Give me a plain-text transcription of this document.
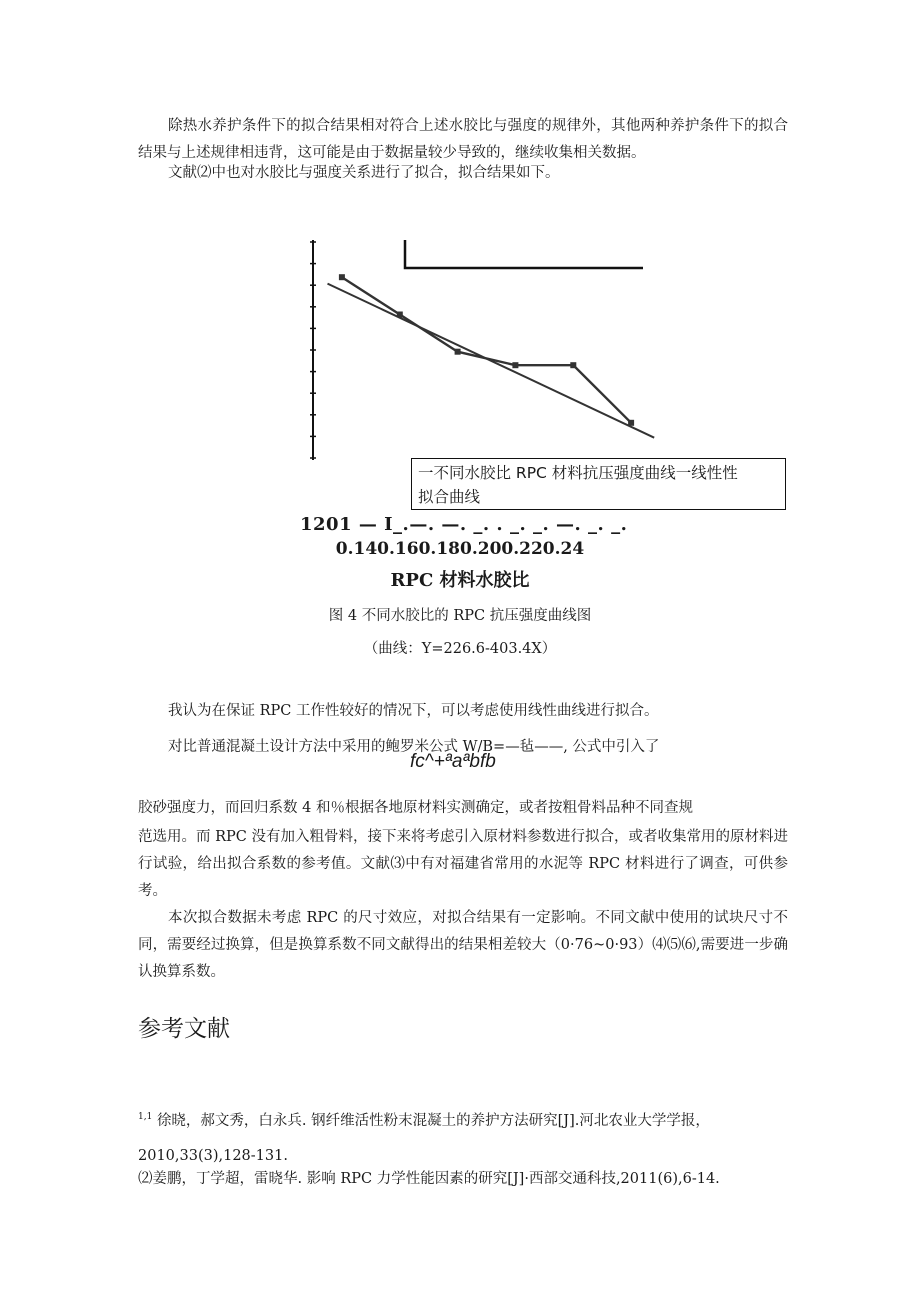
除热水养护条件下的拟合结果相对符合上述水胶比与强度的规律外，其他两种养护条件下的拟合结果与上述规律相违背，这可能是由于数据量较少导致的，继续收集相关数据。

文献⑵中也对水胶比与强度关系进行了拟合，拟合结果如下。

一不同水胶比 RPC 材料抗压强度曲线一线性性
拟合曲线
1201 — I_.—. —. _. . _. _. —. _. _.
0.140.160.180.200.220.24
RPC 材料水胶比
图 4 不同水胶比的 RPC 抗压强度曲线图
（曲线：Y=226.6-403.4X）

我认为在保证 RPC 工作性较好的情况下，可以考虑使用线性曲线进行拟合。

对比普通混凝土设计方法中采用的鲍罗米公式 W/B=—毡——, 公式中引入了

fc^+ªaªbfb

胶砂强度力，而回归系数 4 和％根据各地原材料实测确定，或者按粗骨料品种不同查规

范选用。而 RPC 没有加入粗骨料，接下来将考虑引入原材料参数进行拟合，或者收集常用的原材料进行试验，给出拟合系数的参考值。文献⑶中有对福建省常用的水泥等 RPC 材料进行了调查，可供参考。

本次拟合数据未考虑 RPC 的尺寸效应，对拟合结果有一定影响。不同文献中使用的试块尺寸不同，需要经过换算，但是换算系数不同文献得出的结果相差较大（0·76~0·93）⑷⑸⑹,需要进一步确认换算系数。

参考文献
$^{1,1}$ 徐晓，郝文秀，白永兵. 钢纤维活性粉末混凝土的养护方法研究[J].河北农业大学学报，
2010,33(3),128-131.
⑵姜鹏，丁学超，雷晓华. 影响 RPC 力学性能因素的研究[J]·西部交通科技,2011(6),6-14.
